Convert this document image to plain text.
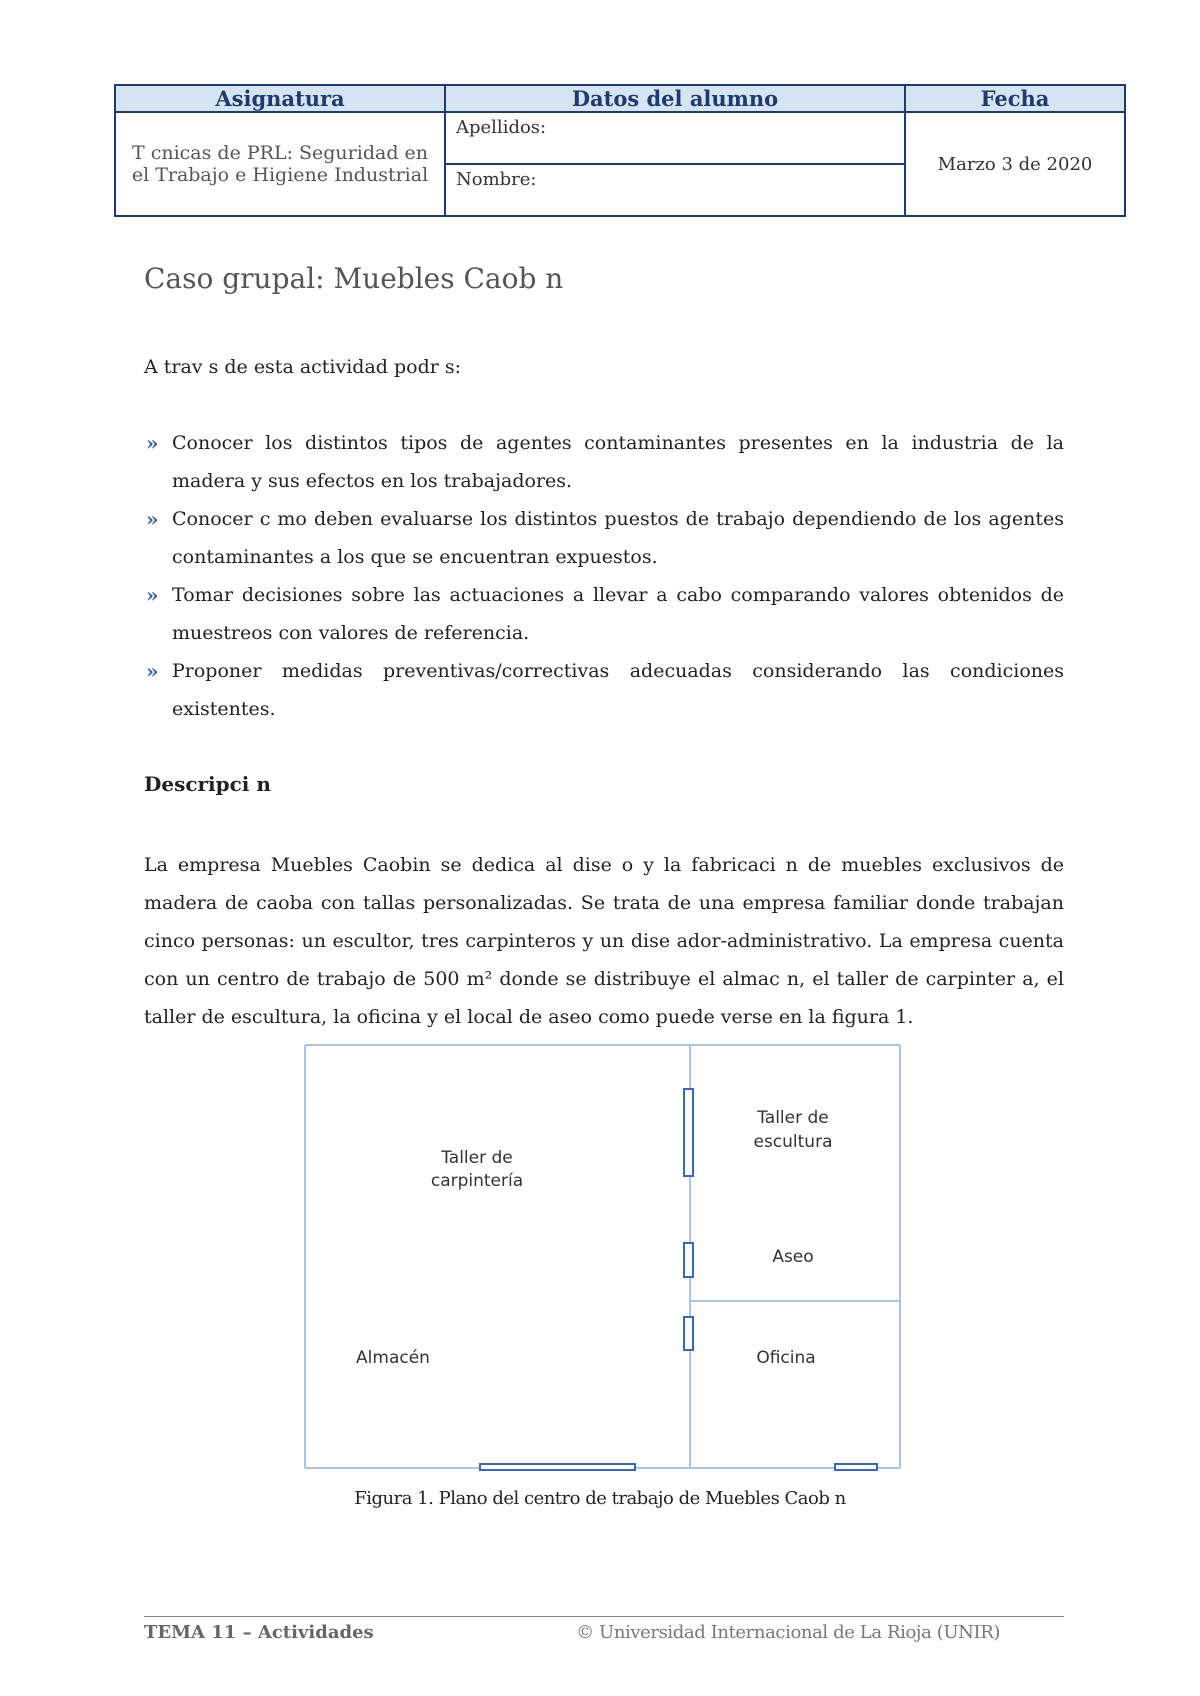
Asignatura	Datos del alumno	Fecha
T cnicas de PRL: Seguridad en el Trabajo e Higiene Industrial	Apellidos:	Marzo 3 de 2020
	Nombre:	
Caso grupal: Muebles Caob n

A trav s de esta actividad podr s:

» Conocer los distintos tipos de agentes contaminantes presentes en la industria de la madera y sus efectos en los trabajadores.
» Conocer c mo deben evaluarse los distintos puestos de trabajo dependiendo de los agentes contaminantes a los que se encuentran expuestos.
» Tomar decisiones sobre las actuaciones a llevar a cabo comparando valores obtenidos de muestreos con valores de referencia.
» Proponer medidas preventivas/correctivas adecuadas considerando las condiciones existentes.
Descripci n

La empresa Muebles Caobin se dedica al dise o y la fabricaci n de muebles exclusivos de madera de caoba con tallas personalizadas. Se trata de una empresa familiar donde trabajan cinco personas: un escultor, tres carpinteros y un dise ador-administrativo. La empresa cuenta con un centro de trabajo de 500 m² donde se distribuye el almac n, el taller de carpinter a, el taller de escultura, la oficina y el local de aseo como puede verse en la figura 1.

Taller de
carpintería
Taller de
escultura
Aseo
Almacén	Oficina

Figura 1. Plano del centro de trabajo de Muebles Caob n

TEMA 11 – Actividades	© Universidad Internacional de La Rioja (UNIR)
